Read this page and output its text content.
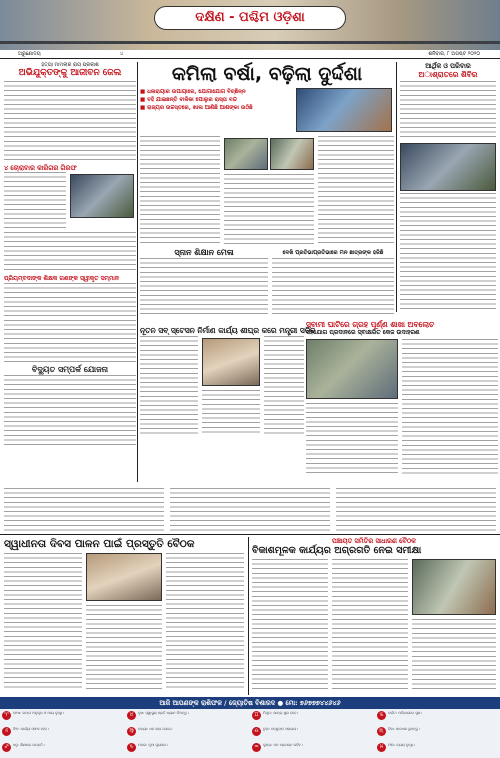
ଦକ୍ଷିଣ - ପଶ୍ଚିମ ଓଡ଼ିଶା
ଅରୁଣୋଦୟ	୪	ଶନିବାର, ୮ ଅଗଷ୍ଟ ୨୦୨୦
ହତ୍ୟା ମାମଲାର ରାୟ ପ୍ରକାଶ
ଅଭିଯୁକ୍ତଙ୍କୁ ଆଜୀବନ ଜେଲ
୪ ଚୋରାବାର କାରିଗର ଗିରଫ
ପ୍ରିୟମ୍ବଦାଙ୍କ ଶିକ୍ଷକ ଗଣଙ୍କ ସ୍ୱୀକୃତ ସମ୍ମାନ
ବିଦ୍ୟୁତ ସମ୍ପର୍କ ଯୋଜନା
କମିଲା ବର୍ଷା, ବଢ଼ିଲା ଦୁର୍ଦ୍ଦଶା
■ ଧଳାରାୟାର ଉପାୟାରେ, ଯୋଗାଯୋଗ ବିଚ୍ଛିନ୍ନ
■ ବହି ଯାଇଛନ୍ତି ବାଳିକା ପୋଲୁର ରାସ୍ତା ବନ୍ଦ
■ ରାଜ୍ୟର ଉଚ୍ଚସ୍ତରେ, ଖାଲ ଆଣିଛି ଆଶଙ୍କା ଉଠିଛି
ସ୍ନାନ ଶିକ୍ଷାନ ମେଳା	ଦେଖି ପ୍ରତିଭାପ୍ରତିଭାରେ ମନ ଛାତ୍ରଙ୍କ ହଜିଛି
ନୂତନ ସବ୍ ସ୍ଟେସନ ନିର୍ମାଣ କାର୍ଯ୍ୟ ଶୀଘ୍ର କରେ ମନ୍ତ୍ରୀ ସଚିବ
ଆର୍ଥିକ ଓ ପରିବାର
ଅାଶ୍ରାତରେ ଶିବିର
ସ୍ବାମୀ ଘାଟିରେ ଗ୍ରହ ପୂର୍ଣ୍ଣ ଶାଖା ଅବଲୋଚ
ସହଯୋଗ ପ୍ରଦାନରେ ସ୍ବାକ୍ଷରିତ କେଜ ଉଦାହରଣ
ସ୍ୱାଧୀନତା ଦିବସ ପାଳନ ପାଇଁ ପ୍ରସ୍ତୁତି ବୈଠକ	ପଞ୍ଚାୟତ ସମିତିର ସାଧାରଣ ବୈଠକ
ବିକାଶମୂଳକ କାର୍ଯ୍ୟର ଅଗ୍ରଗତି ନେଇ ସମୀକ୍ଷା
ଆଜି ଆପଣଙ୍କ ରାଶିଫଳ / ଜ୍ୟୋତିଷ ବିଶାରଦ ● ମୋ: ୭୬୭୭୭୪୪୬୪୬
♈ ମେଷ: ରଙ୍ଗ ଅନୁକୂଳ ଓ ଆୟ ବୃଦ୍ଧି।	♉ ବୃଷ: ସ୍ୱାସ୍ଥ୍ୟ ପ୍ରତି ଧ୍ୟାନ ଦିଅନ୍ତୁ।	♊ ମିଥୁନ: ଯାତ୍ରା ଶୁଭ ହେବ।	♋ କର୍କଟ: ପରିବାରରେ ସୁଖ।
♌ ସିଂହ: କାର୍ଯ୍ୟ ସଫଳ ହେବ।	♍ କନ୍ୟା: ଧନ ଲାଭ ଯୋଗ।	♎ ତୁଳା: ବନ୍ଧୁଙ୍କ ସହାୟତା।	♏ ବିଛା: ସାବଧାନ ରୁହନ୍ତୁ।
♐ ଧନୁ: ଶିକ୍ଷାରେ ଉନ୍ନତି।	♑ ମକର: ନୂଆ ସୁଯୋଗ।	♒ କୁମ୍ଭ: ମନ ପ୍ରସନ୍ନ ରହିବ।	♓ ମୀନ: ବ୍ୟୟ ବୃଦ୍ଧି।
